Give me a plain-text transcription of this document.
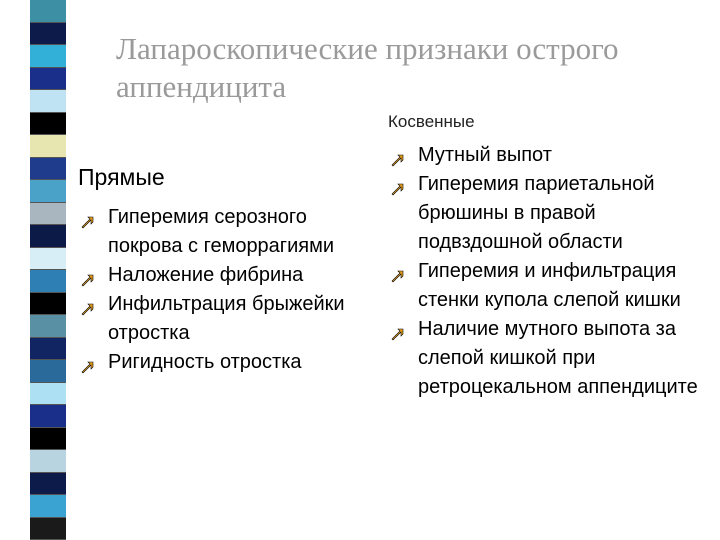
Лапароскопические признаки острого аппендицита
Косвенные
Прямые
Гиперемия серозного покрова с геморрагиями
Наложение фибрина
Инфильтрация брыжейки отростка
Ригидность отростка
Мутный выпот
Гиперемия париетальной брюшины в правой подвздошной области
Гиперемия и инфильтрация стенки купола слепой кишки
Наличие мутного выпота за слепой кишкой при ретроцекальном аппендиците
